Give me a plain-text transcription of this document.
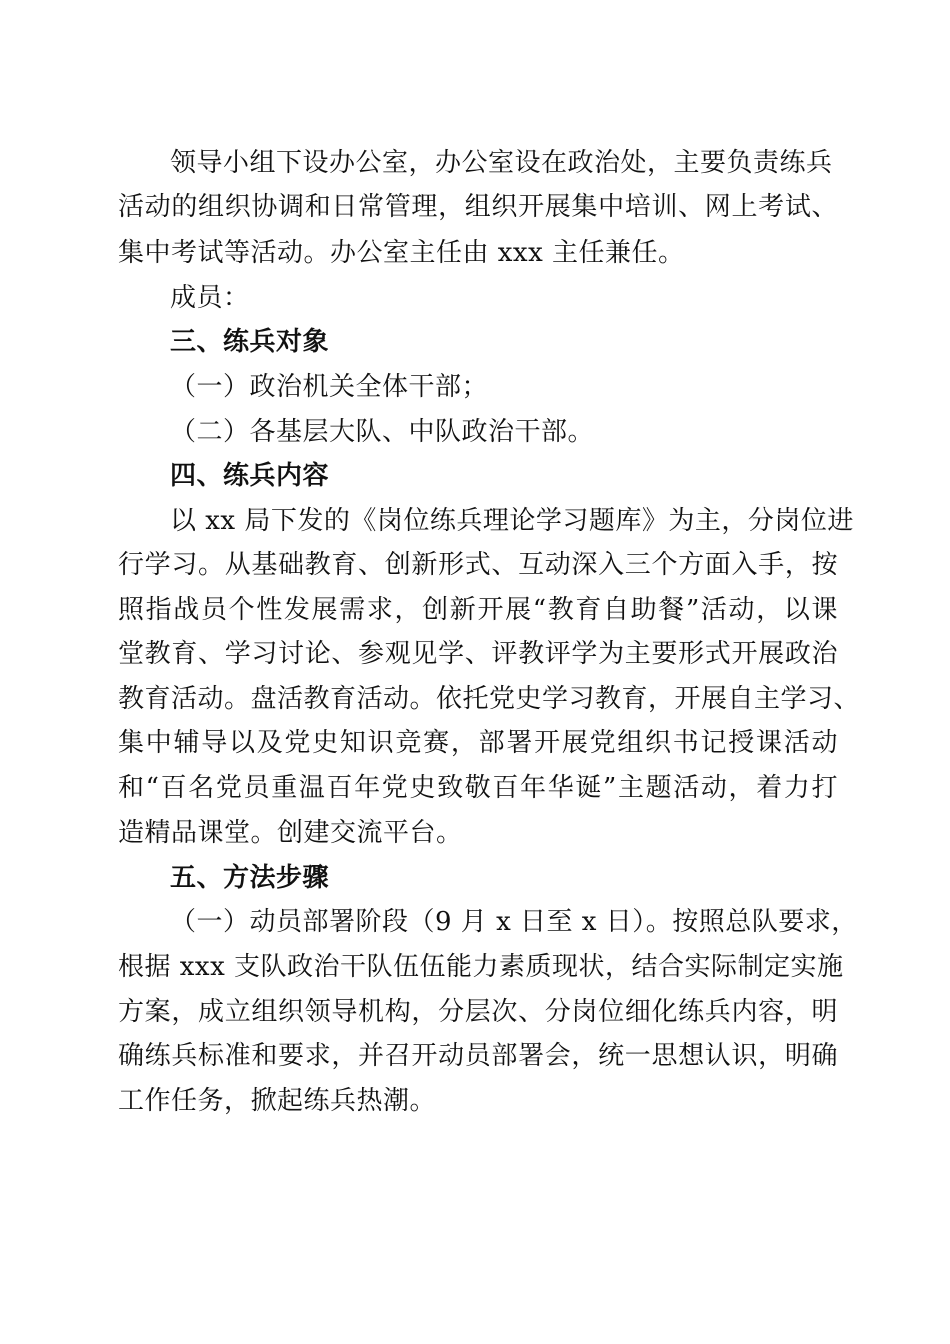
领导小组下设办公室，办公室设在政治处，主要负责练兵
活动的组织协调和日常管理，组织开展集中培训、网上考试、
集中考试等活动。办公室主任由 xxx 主任兼任。
成员：
三、练兵对象
（一）政治机关全体干部；
（二）各基层大队、中队政治干部。
四、练兵内容
以 xx 局下发的《岗位练兵理论学习题库》为主，分岗位进
行学习。从基础教育、创新形式、互动深入三个方面入手，按
照指战员个性发展需求，创新开展“教育自助餐”活动，以课
堂教育、学习讨论、参观见学、评教评学为主要形式开展政治
教育活动。盘活教育活动。依托党史学习教育，开展自主学习、
集中辅导以及党史知识竞赛，部署开展党组织书记授课活动
和“百名党员重温百年党史致敬百年华诞”主题活动，着力打
造精品课堂。创建交流平台。
五、方法步骤
（一）动员部署阶段（9 月 x 日至 x 日）。按照总队要求，
根据 xxx 支队政治干队伍伍能力素质现状，结合实际制定实施
方案，成立组织领导机构，分层次、分岗位细化练兵内容，明
确练兵标准和要求，并召开动员部署会，统一思想认识，明确
工作任务，掀起练兵热潮。
